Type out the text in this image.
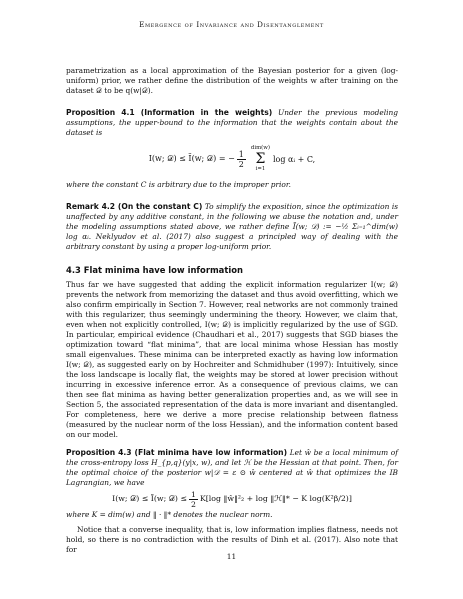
Emergence of Invariance and Disentanglement

parametrization as a local approximation of the Bayesian posterior for a given (log-uniform) prior, we rather define the distribution of the weights w after training on the dataset 𝒟 to be q(w|𝒟).

Proposition 4.1 (Information in the weights) Under the previous modeling assumptions, the upper-bound to the information that the weights contain about the dataset is

I(w; 𝒟) ≤ Ĩ(w; 𝒟) = − $\frac{1}{2}$
dim(w)
Σ
i=1
log αᵢ + C,

where the constant C is arbitrary due to the improper prior.

Remark 4.2 (On the constant C) To simplify the exposition, since the optimization is unaffected by any additive constant, in the following we abuse the notation and, under the modeling assumptions stated above, we rather define Ĩ(w; 𝒟) := −½ Σᵢ₌₁^dim(w) log αᵢ. Neklyudov et al. (2017) also suggest a principled way of dealing with the arbitrary constant by using a proper log-uniform prior.

4.3 Flat minima have low information

Thus far we have suggested that adding the explicit information regularizer I(w; 𝒟) prevents the network from memorizing the dataset and thus avoid overfitting, which we also confirm empirically in Section 7. However, real networks are not commonly trained with this regularizer, thus seemingly undermining the theory. However, we claim that, even when not explicitly controlled, I(w; 𝒟) is implicitly regularized by the use of SGD. In particular, empirical evidence (Chaudhari et al., 2017) suggests that SGD biases the optimization toward “flat minima”, that are local minima whose Hessian has mostly small eigenvalues. These minima can be interpreted exactly as having low information I(w; 𝒟), as suggested early on by Hochreiter and Schmidhuber (1997): Intuitively, since the loss landscape is locally flat, the weights may be stored at lower precision without incurring in excessive inference error. As a consequence of previous claims, we can then see flat minima as having better generalization properties and, as we will see in Section 5, the associated representation of the data is more invariant and disentangled. For completeness, here we derive a more precise relationship between flatness (measured by the nuclear norm of the loss Hessian), and the information content based on our model.

Proposition 4.3 (Flat minima have low information) Let ŵ be a local minimum of the cross-entropy loss H_{p,q}(y|x, w), and let ℋ be the Hessian at that point. Then, for the optimal choice of the posterior w|𝒟 = ε ⊙ ŵ centered at ŵ that optimizes the IB Lagrangian, we have

I(w; 𝒟) ≤ Ĩ(w; 𝒟) ≤ $\frac{1}{2} K[\log$ ‖ŵ‖²₂ + log ‖ℋ‖* − K log(K²β/2)]

where K = dim(w) and ‖ · ‖* denotes the nuclear norm.

Notice that a converse inequality, that is, low information implies flatness, needs not hold, so there is no contradiction with the results of Dinh et al. (2017). Also note that for

11
